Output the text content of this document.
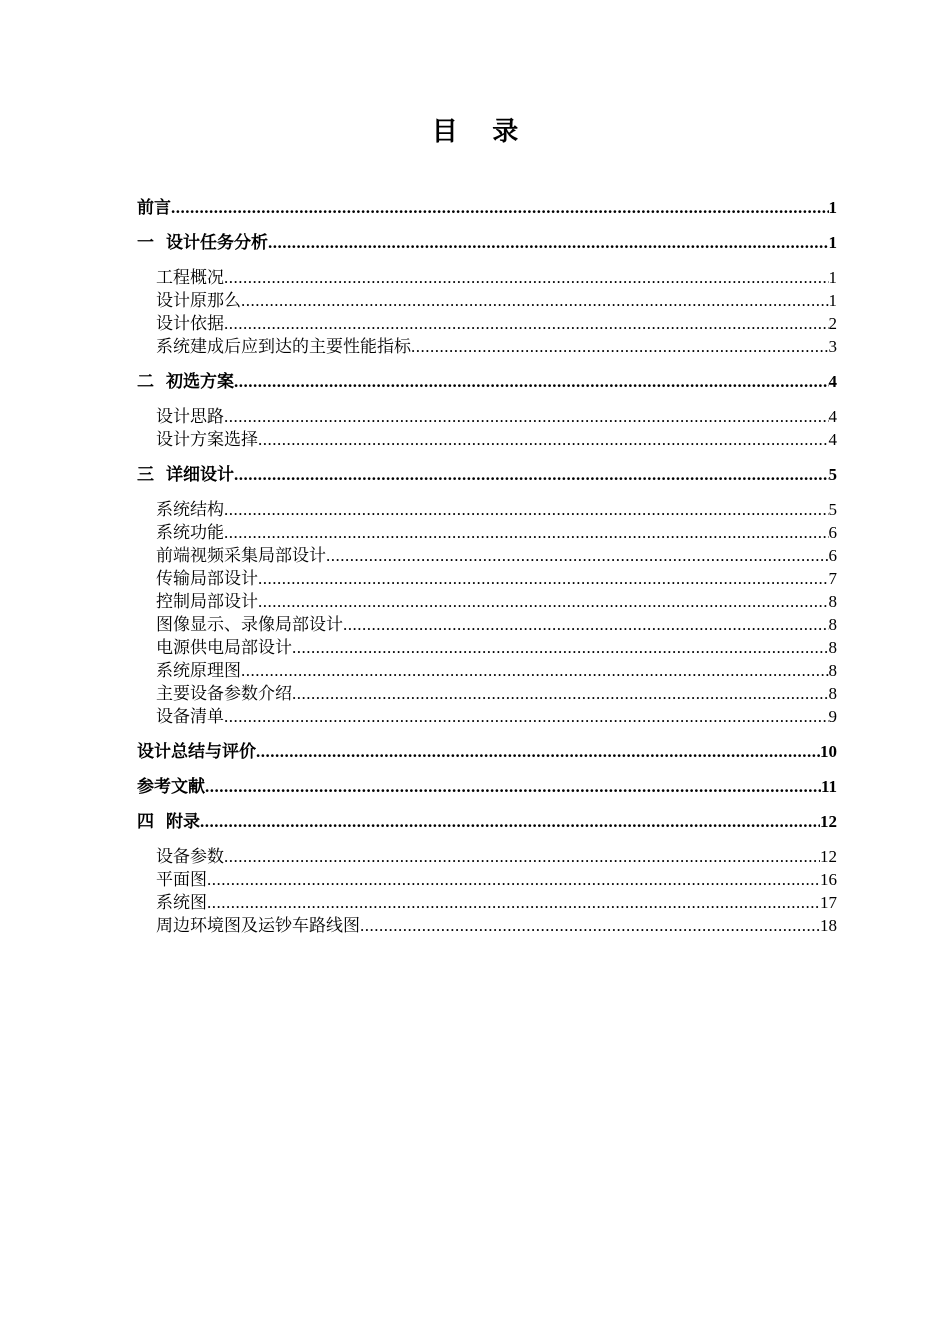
目 录
前言 .....	1
一 设计任务分析 .....	1
工程概况 .....	1
设计原那么 .....	1
设计依据 .....	2
系统建成后应到达的主要性能指标 .....	3
二 初选方案 .....	4
设计思路 .....	4
设计方案选择 .....	4
三 详细设计 .....	5
系统结构 .....	5
系统功能 .....	6
前端视频采集局部设计 .....	6
传输局部设计 .....	7
控制局部设计 .....	8
图像显示、录像局部设计 .....	8
电源供电局部设计 .....	8
系统原理图 .....	8
主要设备参数介绍 .....	8
设备清单 .....	9
设计总结与评价 .....	10
参考文献 .....	11
四 附录 .....	12
设备参数 .....	12
平面图 .....	16
系统图 .....	17
周边环境图及运钞车路线图 .....	18
